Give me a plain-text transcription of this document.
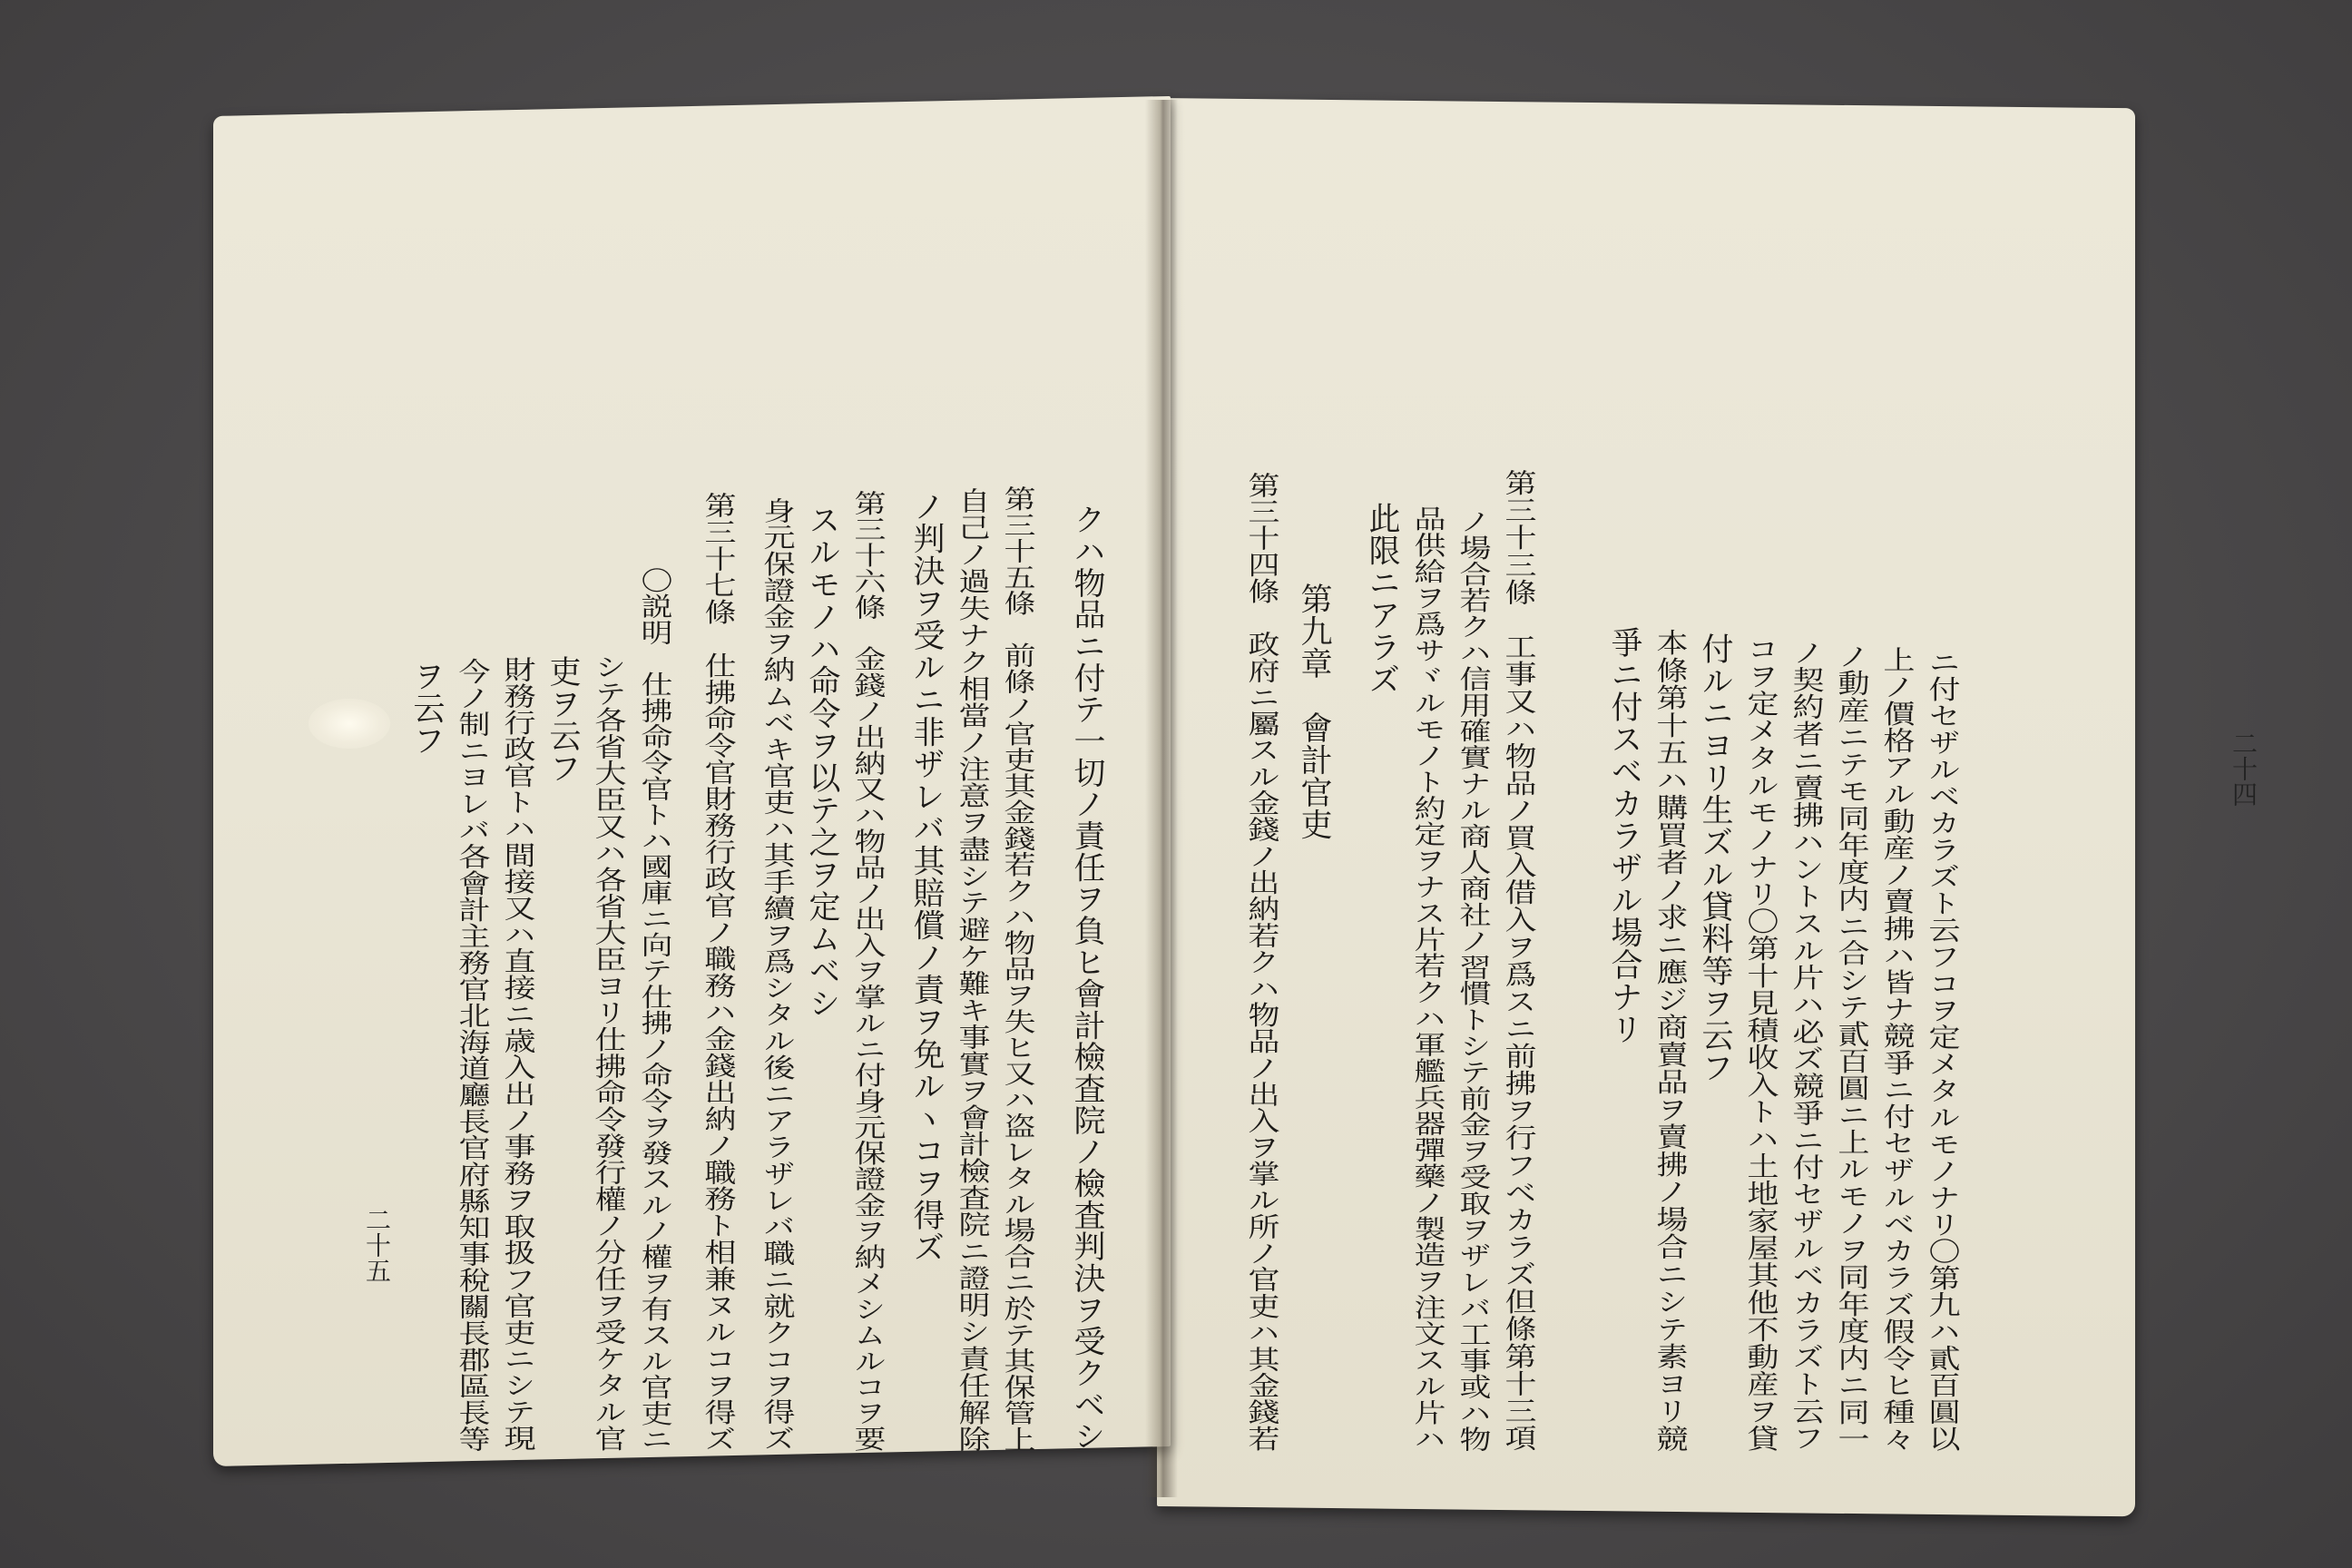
二十四
ニ付セザルベカラズト云フコヲ定メタルモノナリ〇第九ハ貳百圓以
上ノ價格アル動産ノ賣拂ハ皆ナ競爭ニ付セザルベカラズ假令ヒ種々
ノ動産ニテモ同年度内ニ合シテ貳百圓ニ上ルモノヲ同年度内ニ同一
ノ契約者ニ賣拂ハントスル片ハ必ズ競爭ニ付セザルベカラズト云フ
コヲ定メタルモノナリ〇第十見積收入トハ土地家屋其他不動産ヲ貸
付ルニヨリ生ズル貸料等ヲ云フ
本條第十五ハ購買者ノ求ニ應ジ商賣品ヲ賣拂ノ場合ニシテ素ヨリ競
爭ニ付スベカラザル場合ナリ
第三十三條　工事又ハ物品ノ買入借入ヲ爲スニ前拂ヲ行フベカラズ但條第十三項
ノ場合若クハ信用確實ナル商人商社ノ習慣トシテ前金ヲ受取ヲザレバ工事或ハ物
品供給ヲ爲サヾルモノト約定ヲナス片若クハ軍艦兵器彈藥ノ製造ヲ注文スル片ハ
此限ニアラズ
第九章　會計官吏
第三十四條　政府ニ屬スル金錢ノ出納若クハ物品ノ出入ヲ掌ル所ノ官吏ハ其金錢若
クハ物品ニ付テ一切ノ責任ヲ負ヒ會計檢査院ノ檢査判決ヲ受クベシ
第三十五條　前條ノ官吏其金錢若クハ物品ヲ失ヒ又ハ盗レタル場合ニ於テ其保管上
自己ノ過失ナク相當ノ注意ヲ盡シテ避ケ難キ事實ヲ會計檢査院ニ證明シ責任解除
ノ判決ヲ受ルニ非ザレバ其賠償ノ責ヲ免ルヽコヲ得ズ
第三十六條　金錢ノ出納又ハ物品ノ出入ヲ掌ルニ付身元保證金ヲ納メシムルコヲ要
スルモノハ命令ヲ以テ之ヲ定ムベシ
身元保證金ヲ納ムベキ官吏ハ其手續ヲ爲シタル後ニアラザレバ職ニ就クコヲ得ズ
第三十七條　仕拂命令官財務行政官ノ職務ハ金錢出納ノ職務ト相兼ヌルコヲ得ズ
〇説明　仕拂命令官トハ國庫ニ向テ仕拂ノ命令ヲ發スルノ權ヲ有スル官吏ニ
シテ各省大臣又ハ各省大臣ヨリ仕拂命令發行權ノ分任ヲ受ケタル官
吏ヲ云フ
財務行政官トハ間接又ハ直接ニ歳入出ノ事務ヲ取扱フ官吏ニシテ現
今ノ制ニヨレバ各會計主務官北海道廳長官府縣知事稅關長郡區長等
ヲ云フ
二十五
